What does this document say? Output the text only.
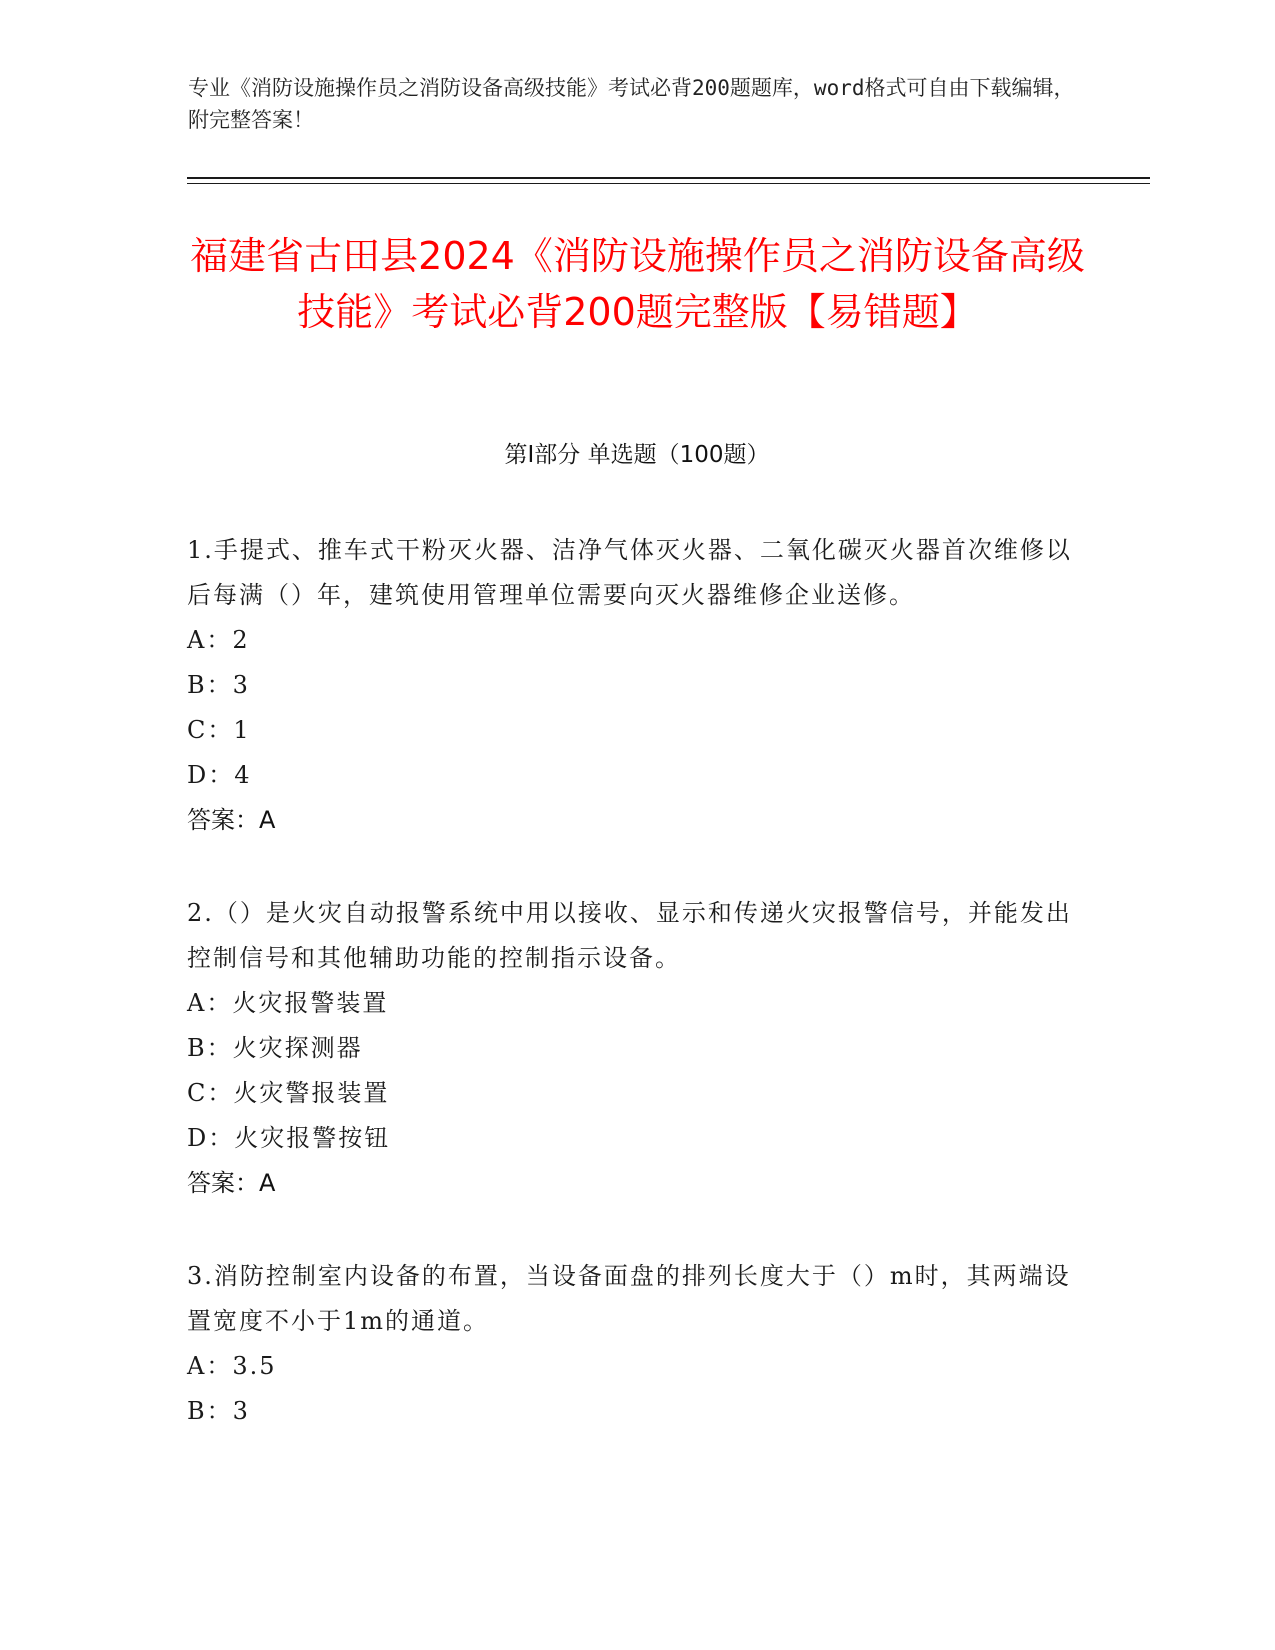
专业《消防设施操作员之消防设备高级技能》考试必背200题题库，word格式可自由下载编辑，附完整答案！
福建省古田县2024《消防设施操作员之消防设备高级技能》考试必背200题完整版【易错题】
第I部分 单选题（100题）

1.手提式、推车式干粉灭火器、洁净气体灭火器、二氧化碳灭火器首次维修以后每满（）年，建筑使用管理单位需要向灭火器维修企业送修。

A：2

B：3

C：1

D：4

答案：A

2.（）是火灾自动报警系统中用以接收、显示和传递火灾报警信号，并能发出控制信号和其他辅助功能的控制指示设备。

A：火灾报警装置

B：火灾探测器

C：火灾警报装置

D：火灾报警按钮

答案：A

3.消防控制室内设备的布置，当设备面盘的排列长度大于（）m时，其两端设置宽度不小于1m的通道。

A：3.5

B：3
